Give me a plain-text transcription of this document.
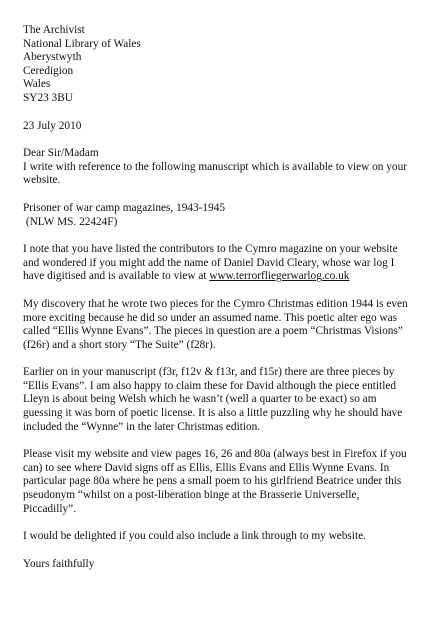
The Archivist
National Library of Wales
Aberystwyth
Ceredigion
Wales
SY23 3BU
23 July 2010
Dear Sir/Madam
I write with reference to the following manuscript which is available to view on your
website.
Prisoner of war camp magazines, 1943-1945
(NLW MS. 22424F)
I note that you have listed the contributors to the Cymro magazine on your website
and wondered if you might add the name of Daniel David Cleary, whose war log I
have digitised and is available to view at www.terrorfliegerwarlog.co.uk
My discovery that he wrote two pieces for the Cymro Christmas edition 1944 is even
more exciting because he did so under an assumed name. This poetic alter ego was
called “Ellis Wynne Evans”. The pieces in question are a poem “Christmas Visions”
(f26r) and a short story “The Suite” (f28r).
Earlier on in your manuscript (f3r, f12v & f13r, and f15r) there are three pieces by
“Ellis Evans”. I am also happy to claim these for David although the piece entitled
Lleyn is about being Welsh which he wasn’t (well a quarter to be exact) so am
guessing it was born of poetic license. It is also a little puzzling why he should have
included the “Wynne” in the later Christmas edition.
Please visit my website and view pages 16, 26 and 80a (always best in Firefox if you
can) to see where David signs off as Ellis, Ellis Evans and Ellis Wynne Evans. In
particular page 80a where he pens a small poem to his girlfriend Beatrice under this
pseudonym “whilst on a post-liberation binge at the Brasserie Universelle,
Piccadilly”.
I would be delighted if you could also include a link through to my website.
Yours faithfully
